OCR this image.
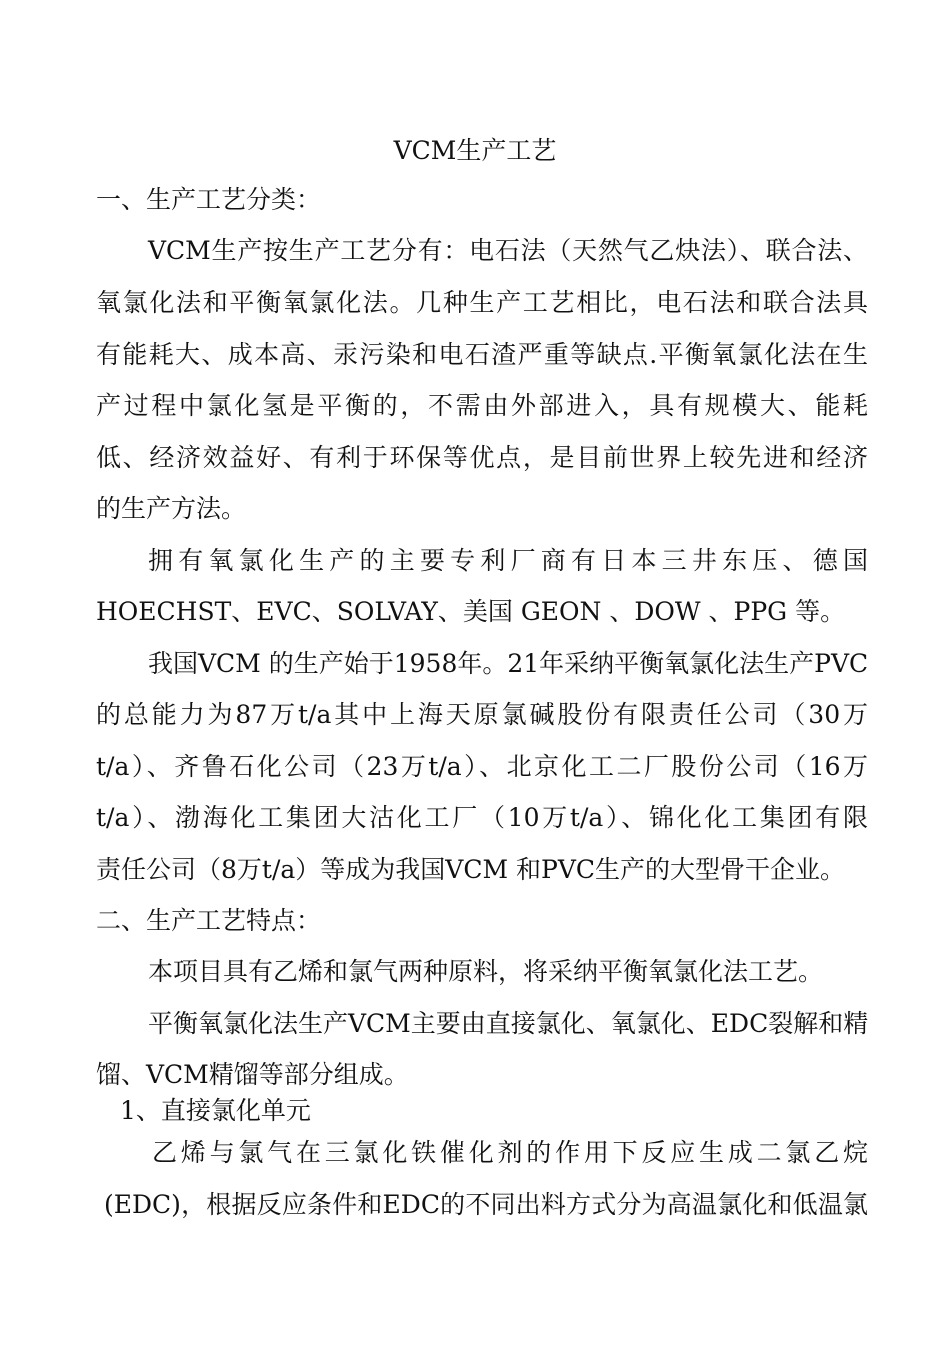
VCM生产工艺
一、生产工艺分类：
VCM生产按生产工艺分有：电石法（天然气乙炔法）、联合法、
氧氯化法和平衡氧氯化法。几种生产工艺相比，电石法和联合法具
有能耗大、成本高、汞污染和电石渣严重等缺点.平衡氧氯化法在生
产过程中氯化氢是平衡的，不需由外部进入，具有规模大、能耗
低、经济效益好、有利于环保等优点，是目前世界上较先进和经济
的生产方法。
拥有氧氯化生产的主要专利厂商有日本三井东压、德国
HOECHST、EVC、SOLVAY、美国 GEON 、DOW 、PPG 等。
我国VCM 的生产始于1958年。21年采纳平衡氧氯化法生产PVC
的总能力为87万t/a其中上海天原氯碱股份有限责任公司（30万
t/a）、齐鲁石化公司（23万t/a）、北京化工二厂股份公司（16万
t/a）、渤海化工集团大沽化工厂（10万t/a）、锦化化工集团有限
责任公司（8万t/a）等成为我国VCM 和PVC生产的大型骨干企业。
二、生产工艺特点：
本项目具有乙烯和氯气两种原料，将采纳平衡氧氯化法工艺。
平衡氧氯化法生产VCM主要由直接氯化、氧氯化、EDC裂解和精
馏、VCM精馏等部分组成。
1、直接氯化单元
乙烯与氯气在三氯化铁催化剂的作用下反应生成二氯乙烷
(EDC)，根据反应条件和EDC的不同出料方式分为高温氯化和低温氯
